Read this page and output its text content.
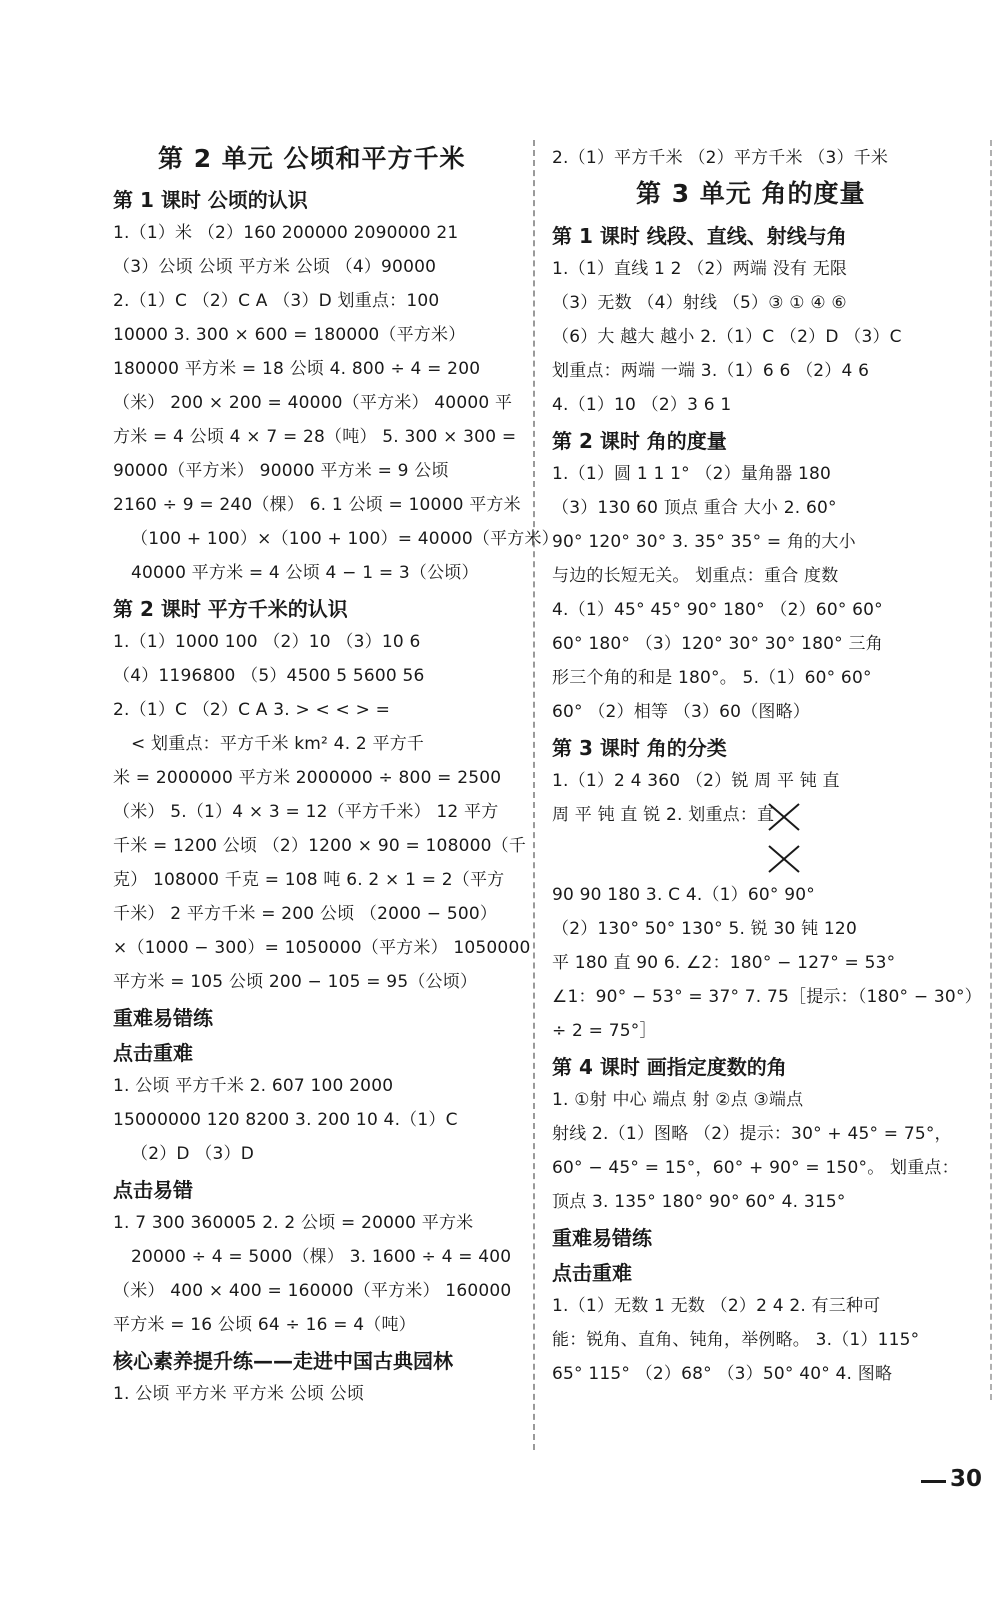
第 2 单元 公顷和平方千米
第 1 课时 公顷的认识
1.（1）米 （2）160 200000 2090000 21
（3）公顷 公顷 平方米 公顷 （4）90000
2.（1）C （2）C A （3）D 划重点：100
10000 3. 300 × 600 = 180000（平方米）
180000 平方米 = 18 公顷 4. 800 ÷ 4 = 200
（米） 200 × 200 = 40000（平方米） 40000 平
方米 = 4 公顷 4 × 7 = 28（吨） 5. 300 × 300 =
90000（平方米） 90000 平方米 = 9 公顷
2160 ÷ 9 = 240（棵） 6. 1 公顷 = 10000 平方米
（100 + 100）×（100 + 100）= 40000（平方米）
40000 平方米 = 4 公顷 4 − 1 = 3（公顷）
第 2 课时 平方千米的认识
1.（1）1000 100 （2）10 （3）10 6
（4）1196800 （5）4500 5 5600 56
2.（1）C （2）C A 3. > < < > =
< 划重点：平方千米 km² 4. 2 平方千
米 = 2000000 平方米 2000000 ÷ 800 = 2500
（米） 5.（1）4 × 3 = 12（平方千米） 12 平方
千米 = 1200 公顷 （2）1200 × 90 = 108000（千
克） 108000 千克 = 108 吨 6. 2 × 1 = 2（平方
千米） 2 平方千米 = 200 公顷 （2000 − 500）
×（1000 − 300）= 1050000（平方米） 1050000
平方米 = 105 公顷 200 − 105 = 95（公顷）
重难易错练
点击重难
1. 公顷 平方千米 2. 607 100 2000
15000000 120 8200 3. 200 10 4.（1）C
（2）D （3）D
点击易错
1. 7 300 360005 2. 2 公顷 = 20000 平方米
20000 ÷ 4 = 5000（棵） 3. 1600 ÷ 4 = 400
（米） 400 × 400 = 160000（平方米） 160000
平方米 = 16 公顷 64 ÷ 16 = 4（吨）
核心素养提升练——走进中国古典园林
1. 公顷 平方米 平方米 公顷 公顷
2.（1）平方千米 （2）平方千米 （3）千米
第 3 单元 角的度量
第 1 课时 线段、直线、射线与角
1.（1）直线 1 2 （2）两端 没有 无限
（3）无数 （4）射线 （5）③ ① ④ ⑥
（6）大 越大 越小 2.（1）C （2）D （3）C
划重点：两端 一端 3.（1）6 6 （2）4 6
4.（1）10 （2）3 6 1
第 2 课时 角的度量
1.（1）圆 1 1 1° （2）量角器 180
（3）130 60 顶点 重合 大小 2. 60°
90° 120° 30° 3. 35° 35° = 角的大小
与边的长短无关。 划重点：重合 度数
4.（1）45° 45° 90° 180° （2）60° 60°
60° 180° （3）120° 30° 30° 180° 三角
形三个角的和是 180°。 5.（1）60° 60°
60° （2）相等 （3）60（图略）
第 3 课时 角的分类
1.（1）2 4 360 （2）锐 周 平 钝 直
周 平 钝 直 锐 2. 划重点：直
90 90 180 3. C 4.（1）60° 90°
（2）130° 50° 130° 5. 锐 30 钝 120
平 180 直 90 6. ∠2：180° − 127° = 53°
∠1：90° − 53° = 37° 7. 75［提示：（180° − 30°）
÷ 2 = 75°］
第 4 课时 画指定度数的角
1. ①射 中心 端点 射 ②点 ③端点
射线 2.（1）图略 （2）提示：30° + 45° = 75°，
60° − 45° = 15°，60° + 90° = 150°。 划重点：
顶点 3. 135° 180° 90° 60° 4. 315°
重难易错练
点击重难
1.（1）无数 1 无数 （2）2 4 2. 有三种可
能：锐角、直角、钝角，举例略。 3.（1）115°
65° 115° （2）68° （3）50° 40° 4. 图略
30
